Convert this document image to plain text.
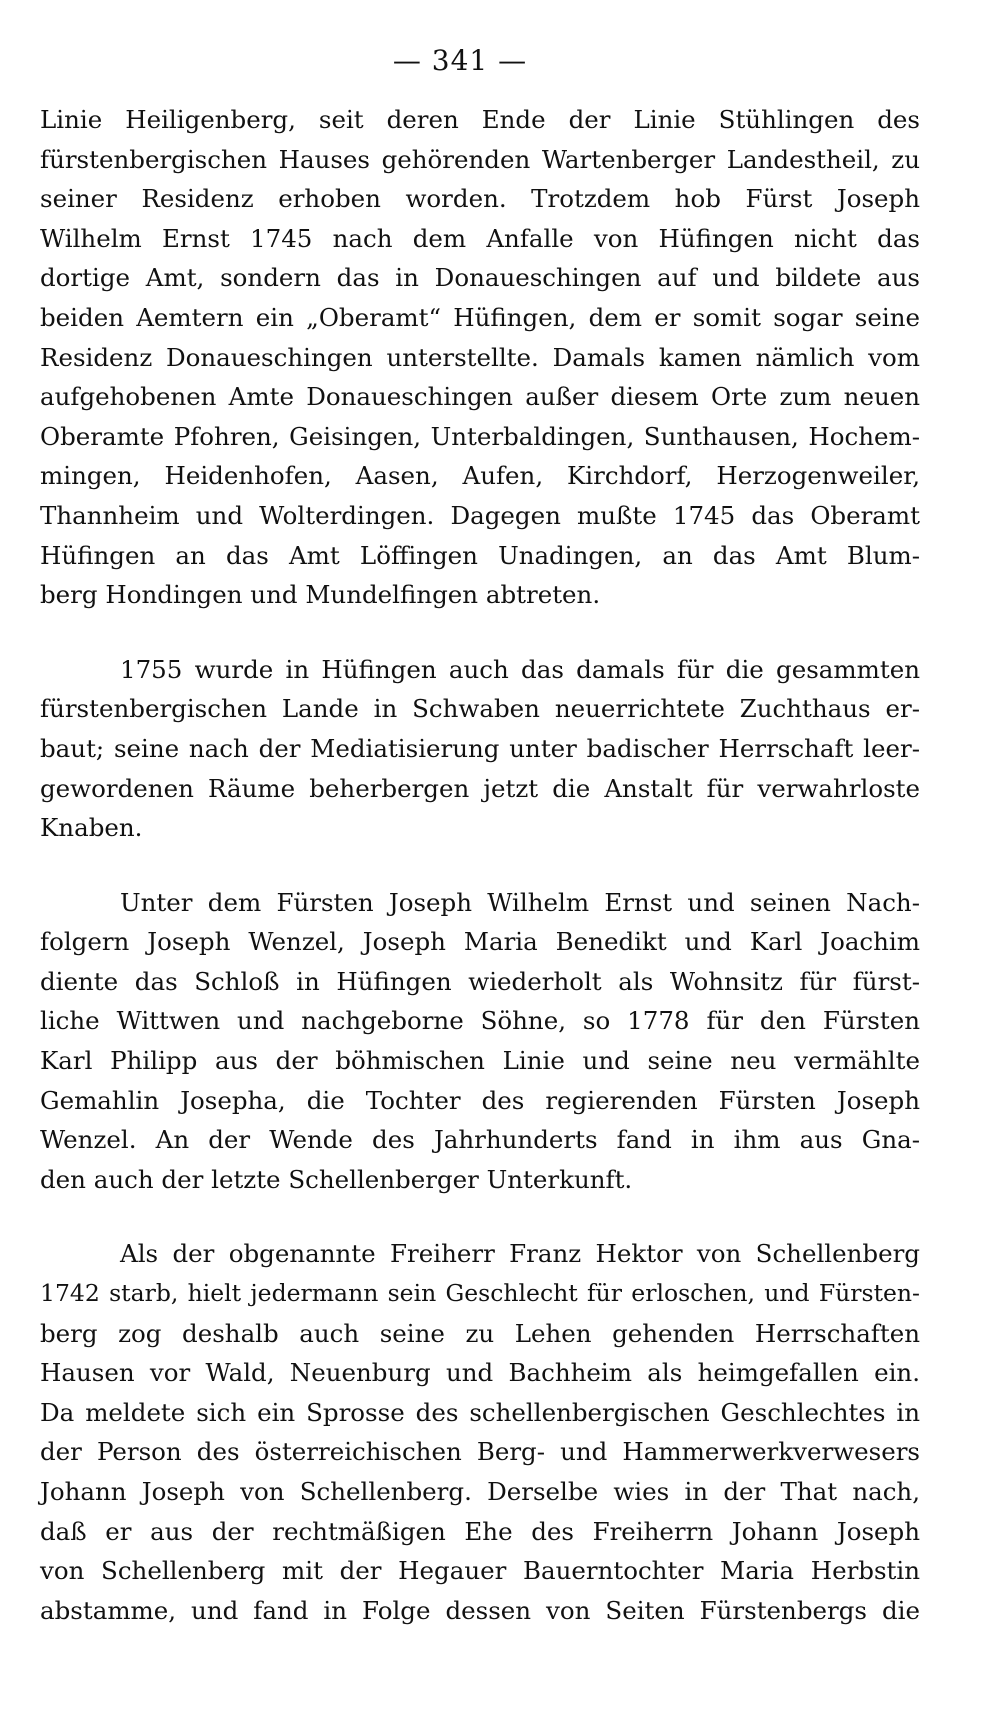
— 341 —
Linie Heiligenberg, seit deren Ende der Linie Stühlingen des
fürstenbergischen Hauses gehörenden Wartenberger Landestheil, zu
seiner Residenz erhoben worden. Trotzdem hob Fürst Joseph
Wilhelm Ernst 1745 nach dem Anfalle von Hüfingen nicht das
dortige Amt, sondern das in Donaueschingen auf und bildete aus
beiden Aemtern ein „Oberamt“ Hüfingen, dem er somit sogar seine
Residenz Donaueschingen unterstellte. Damals kamen nämlich vom
aufgehobenen Amte Donaueschingen außer diesem Orte zum neuen
Oberamte Pfohren, Geisingen, Unterbaldingen, Sunthausen, Hochem-
mingen, Heidenhofen, Aasen, Aufen, Kirchdorf, Herzogenweiler,
Thannheim und Wolterdingen. Dagegen mußte 1745 das Oberamt
Hüfingen an das Amt Löffingen Unadingen, an das Amt Blum-
berg Hondingen und Mundelfingen abtreten.
1755 wurde in Hüfingen auch das damals für die gesammten
fürstenbergischen Lande in Schwaben neuerrichtete Zuchthaus er-
baut; seine nach der Mediatisierung unter badischer Herrschaft leer-
gewordenen Räume beherbergen jetzt die Anstalt für verwahrloste
Knaben.
Unter dem Fürsten Joseph Wilhelm Ernst und seinen Nach-
folgern Joseph Wenzel, Joseph Maria Benedikt und Karl Joachim
diente das Schloß in Hüfingen wiederholt als Wohnsitz für fürst-
liche Wittwen und nachgeborne Söhne, so 1778 für den Fürsten
Karl Philipp aus der böhmischen Linie und seine neu vermählte
Gemahlin Josepha, die Tochter des regierenden Fürsten Joseph
Wenzel. An der Wende des Jahrhunderts fand in ihm aus Gna-
den auch der letzte Schellenberger Unterkunft.
Als der obgenannte Freiherr Franz Hektor von Schellenberg
1742 starb, hielt jedermann sein Geschlecht für erloschen, und Fürsten-
berg zog deshalb auch seine zu Lehen gehenden Herrschaften
Hausen vor Wald, Neuenburg und Bachheim als heimgefallen ein.
Da meldete sich ein Sprosse des schellenbergischen Geschlechtes in
der Person des österreichischen Berg- und Hammerwerkverwesers
Johann Joseph von Schellenberg. Derselbe wies in der That nach,
daß er aus der rechtmäßigen Ehe des Freiherrn Johann Joseph
von Schellenberg mit der Hegauer Bauerntochter Maria Herbstin
abstamme, und fand in Folge dessen von Seiten Fürstenbergs die
